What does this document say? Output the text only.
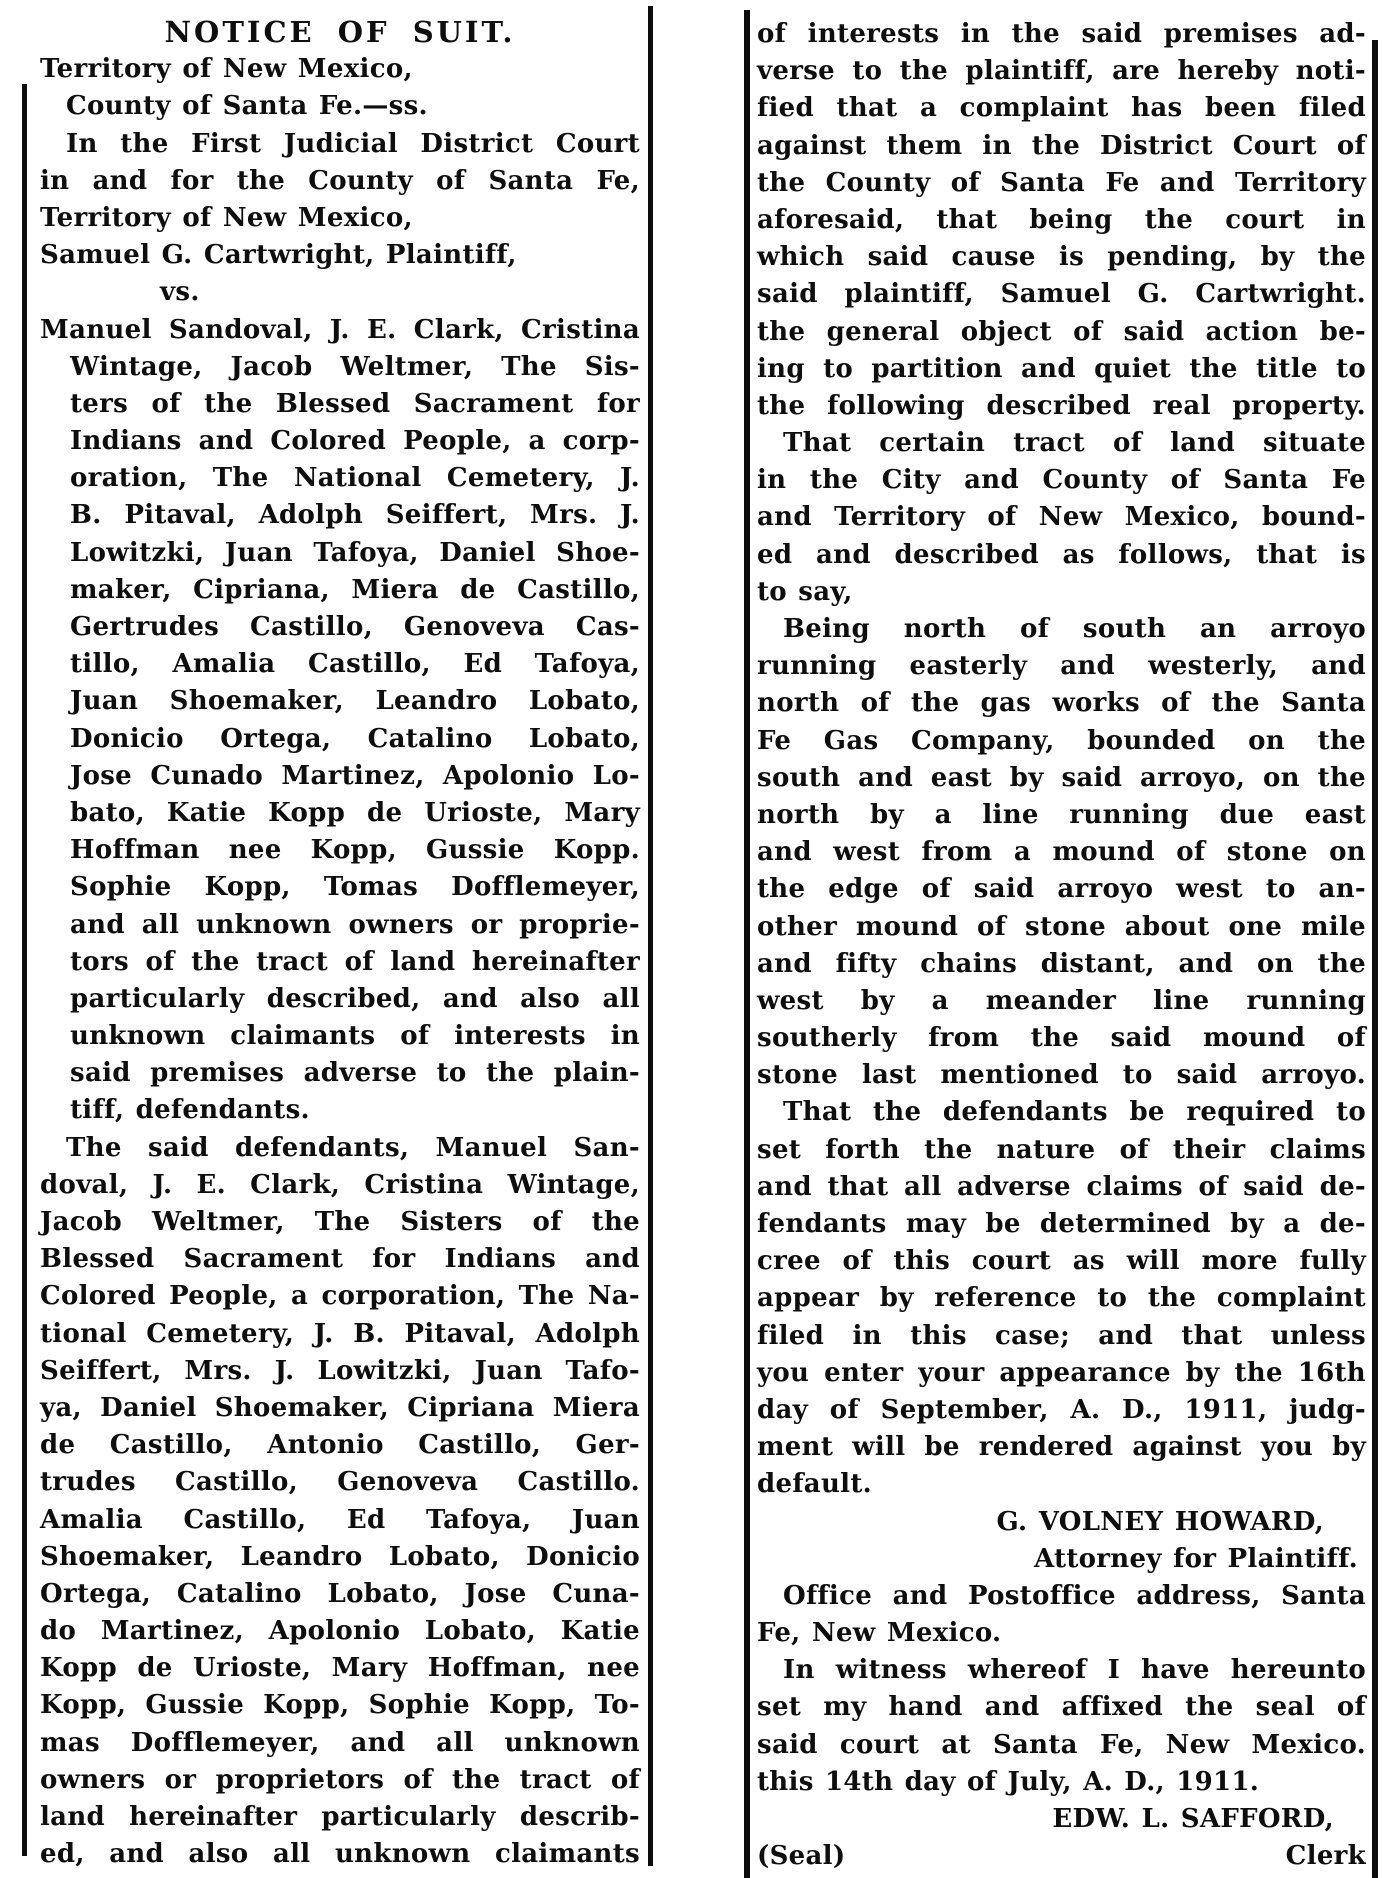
NOTICE OF SUIT.
Territory of New Mexico,
County of Santa Fe.—ss.
In the First Judicial District Court
in and for the County of Santa Fe,
Territory of New Mexico,
Samuel G. Cartwright, Plaintiff,
vs.
Manuel Sandoval, J. E. Clark, Cristina
Wintage, Jacob Weltmer, The Sis-
ters of the Blessed Sacrament for
Indians and Colored People, a corp-
oration, The National Cemetery, J.
B. Pitaval, Adolph Seiffert, Mrs. J.
Lowitzki, Juan Tafoya, Daniel Shoe-
maker, Cipriana, Miera de Castillo,
Gertrudes Castillo, Genoveva Cas-
tillo, Amalia Castillo, Ed Tafoya,
Juan Shoemaker, Leandro Lobato,
Donicio Ortega, Catalino Lobato,
Jose Cunado Martinez, Apolonio Lo-
bato, Katie Kopp de Urioste, Mary
Hoffman nee Kopp, Gussie Kopp.
Sophie Kopp, Tomas Dofflemeyer,
and all unknown owners or proprie-
tors of the tract of land hereinafter
particularly described, and also all
unknown claimants of interests in
said premises adverse to the plain-
tiff, defendants.
The said defendants, Manuel San-
doval, J. E. Clark, Cristina Wintage,
Jacob Weltmer, The Sisters of the
Blessed Sacrament for Indians and
Colored People, a corporation, The Na-
tional Cemetery, J. B. Pitaval, Adolph
Seiffert, Mrs. J. Lowitzki, Juan Tafo-
ya, Daniel Shoemaker, Cipriana Miera
de Castillo, Antonio Castillo, Ger-
trudes Castillo, Genoveva Castillo.
Amalia Castillo, Ed Tafoya, Juan
Shoemaker, Leandro Lobato, Donicio
Ortega, Catalino Lobato, Jose Cuna-
do Martinez, Apolonio Lobato, Katie
Kopp de Urioste, Mary Hoffman, nee
Kopp, Gussie Kopp, Sophie Kopp, To-
mas Dofflemeyer, and all unknown
owners or proprietors of the tract of
land hereinafter particularly describ-
ed, and also all unknown claimants
of interests in the said premises ad-
verse to the plaintiff, are hereby noti-
fied that a complaint has been filed
against them in the District Court of
the County of Santa Fe and Territory
aforesaid, that being the court in
which said cause is pending, by the
said plaintiff, Samuel G. Cartwright.
the general object of said action be-
ing to partition and quiet the title to
the following described real property.
That certain tract of land situate
in the City and County of Santa Fe
and Territory of New Mexico, bound-
ed and described as follows, that is
to say,
Being north of south an arroyo
running easterly and westerly, and
north of the gas works of the Santa
Fe Gas Company, bounded on the
south and east by said arroyo, on the
north by a line running due east
and west from a mound of stone on
the edge of said arroyo west to an-
other mound of stone about one mile
and fifty chains distant, and on the
west by a meander line running
southerly from the said mound of
stone last mentioned to said arroyo.
That the defendants be required to
set forth the nature of their claims
and that all adverse claims of said de-
fendants may be determined by a de-
cree of this court as will more fully
appear by reference to the complaint
filed in this case; and that unless
you enter your appearance by the 16th
day of September, A. D., 1911, judg-
ment will be rendered against you by
default.
G. VOLNEY HOWARD,
Attorney for Plaintiff.
Office and Postoffice address, Santa
Fe, New Mexico.
In witness whereof I have hereunto
set my hand and affixed the seal of
said court at Santa Fe, New Mexico.
this 14th day of July, A. D., 1911.
EDW. L. SAFFORD,
(Seal)	Clerk
